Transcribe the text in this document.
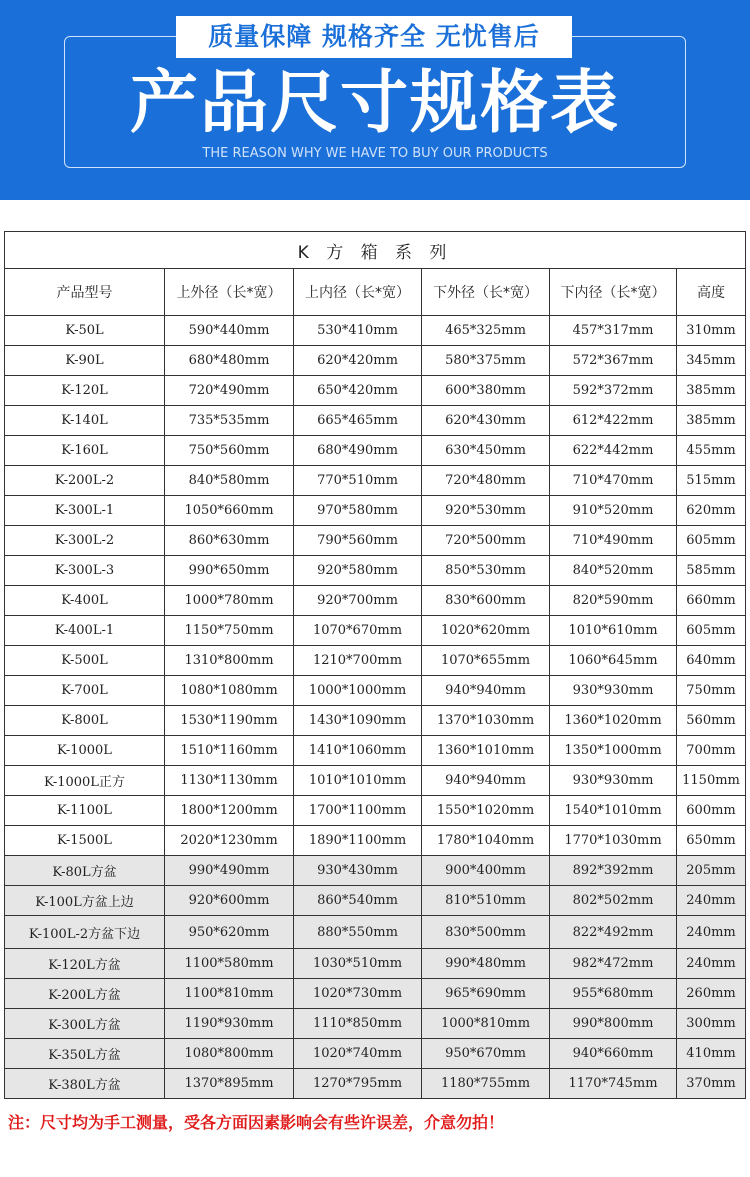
质量保障 规格齐全 无忧售后
产品尺寸规格表
THE REASON WHY WE HAVE TO BUY OUR PRODUCTS
K 方 箱 系 列					
产品型号	上外径（长*宽）	上内径（长*宽）	下外径（长*宽）	下内径（长*宽）	高度
K-50L	590*440mm	530*410mm	465*325mm	457*317mm	310mm
K-90L	680*480mm	620*420mm	580*375mm	572*367mm	345mm
K-120L	720*490mm	650*420mm	600*380mm	592*372mm	385mm
K-140L	735*535mm	665*465mm	620*430mm	612*422mm	385mm
K-160L	750*560mm	680*490mm	630*450mm	622*442mm	455mm
K-200L-2	840*580mm	770*510mm	720*480mm	710*470mm	515mm
K-300L-1	1050*660mm	970*580mm	920*530mm	910*520mm	620mm
K-300L-2	860*630mm	790*560mm	720*500mm	710*490mm	605mm
K-300L-3	990*650mm	920*580mm	850*530mm	840*520mm	585mm
K-400L	1000*780mm	920*700mm	830*600mm	820*590mm	660mm
K-400L-1	1150*750mm	1070*670mm	1020*620mm	1010*610mm	605mm
K-500L	1310*800mm	1210*700mm	1070*655mm	1060*645mm	640mm
K-700L	1080*1080mm	1000*1000mm	940*940mm	930*930mm	750mm
K-800L	1530*1190mm	1430*1090mm	1370*1030mm	1360*1020mm	560mm
K-1000L	1510*1160mm	1410*1060mm	1360*1010mm	1350*1000mm	700mm
K-1000L正方	1130*1130mm	1010*1010mm	940*940mm	930*930mm	1150mm
K-1100L	1800*1200mm	1700*1100mm	1550*1020mm	1540*1010mm	600mm
K-1500L	2020*1230mm	1890*1100mm	1780*1040mm	1770*1030mm	650mm
K-80L方盆	990*490mm	930*430mm	900*400mm	892*392mm	205mm
K-100L方盆上边	920*600mm	860*540mm	810*510mm	802*502mm	240mm
K-100L-2方盆下边	950*620mm	880*550mm	830*500mm	822*492mm	240mm
K-120L方盆	1100*580mm	1030*510mm	990*480mm	982*472mm	240mm
K-200L方盆	1100*810mm	1020*730mm	965*690mm	955*680mm	260mm
K-300L方盆	1190*930mm	1110*850mm	1000*810mm	990*800mm	300mm
K-350L方盆	1080*800mm	1020*740mm	950*670mm	940*660mm	410mm
K-380L方盆	1370*895mm	1270*795mm	1180*755mm	1170*745mm	370mm
注：尺寸均为手工测量，受各方面因素影响会有些许误差，介意勿拍！
